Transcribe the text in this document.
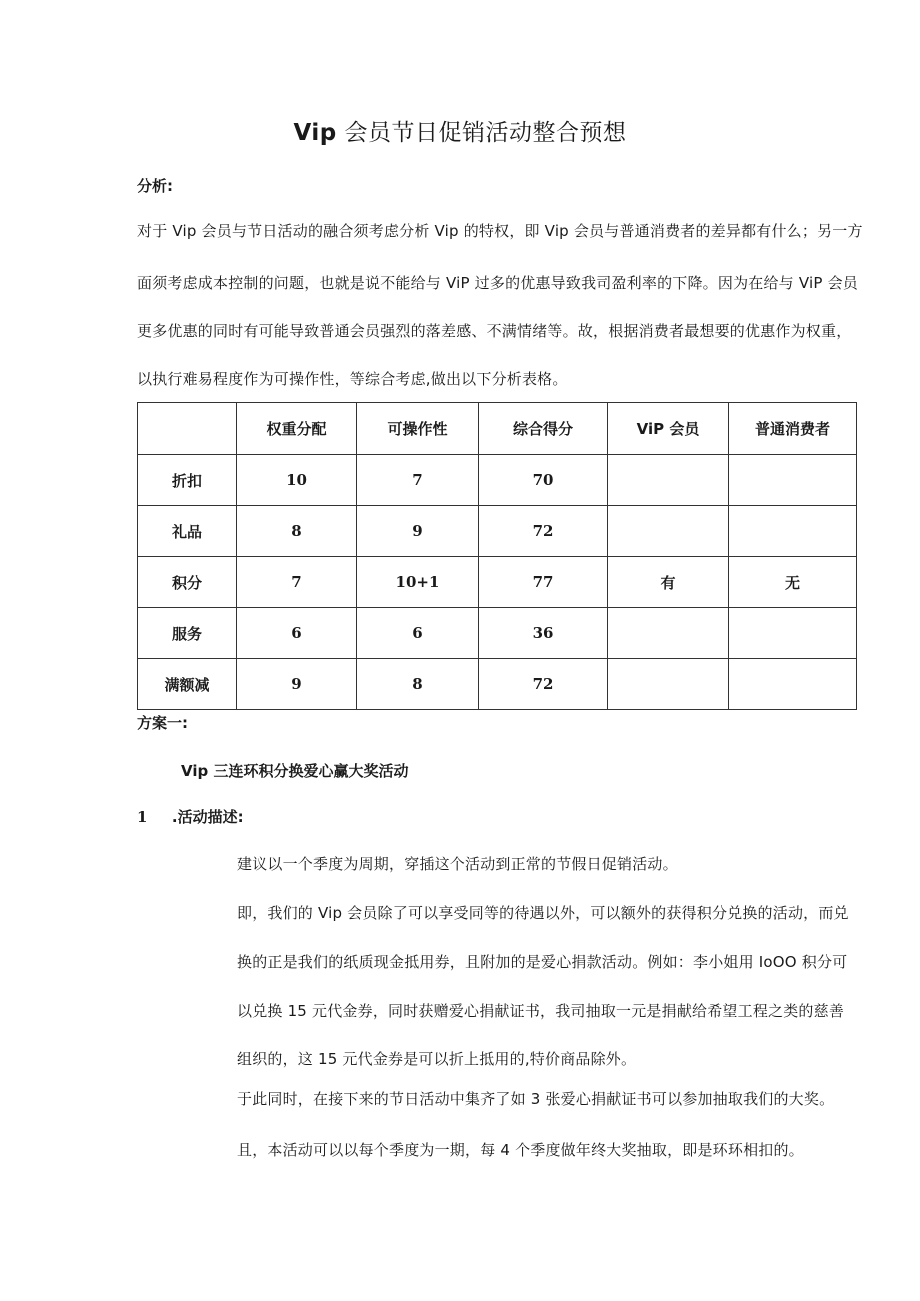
Vip 会员节日促销活动整合预想
分析:
对于 Vip 会员与节日活动的融合须考虑分析 Vip 的特权，即 Vip 会员与普通消费者的差异都有什么；另一方
面须考虑成本控制的问题，也就是说不能给与 ViP 过多的优惠导致我司盈利率的下降。因为在给与 ViP 会员
更多优惠的同时有可能导致普通会员强烈的落差感、不满情绪等。故，根据消费者最想要的优惠作为权重，
以执行难易程度作为可操作性，等综合考虑,做出以下分析表格。
	权重分配	可操作性	综合得分	ViP 会员	普通消费者
折扣	10	7	70		
礼品	8	9	72		
积分	7	10+1	77	有	无
服务	6	6	36		
满额减	9	8	72		
方案一:
Vip 三连环积分换爱心赢大奖活动
1 .活动描述:
建议以一个季度为周期，穿插这个活动到正常的节假日促销活动。
即，我们的 Vip 会员除了可以享受同等的待遇以外，可以额外的获得积分兑换的活动，而兑
换的正是我们的纸质现金抵用券，且附加的是爱心捐款活动。例如：李小姐用 IoOO 积分可
以兑换 15 元代金券，同时获赠爱心捐献证书，我司抽取一元是捐献给希望工程之类的慈善
组织的，这 15 元代金券是可以折上抵用的,特价商品除外。
于此同时，在接下来的节日活动中集齐了如 3 张爱心捐献证书可以参加抽取我们的大奖。
且，本活动可以以每个季度为一期，每 4 个季度做年终大奖抽取，即是环环相扣的。
